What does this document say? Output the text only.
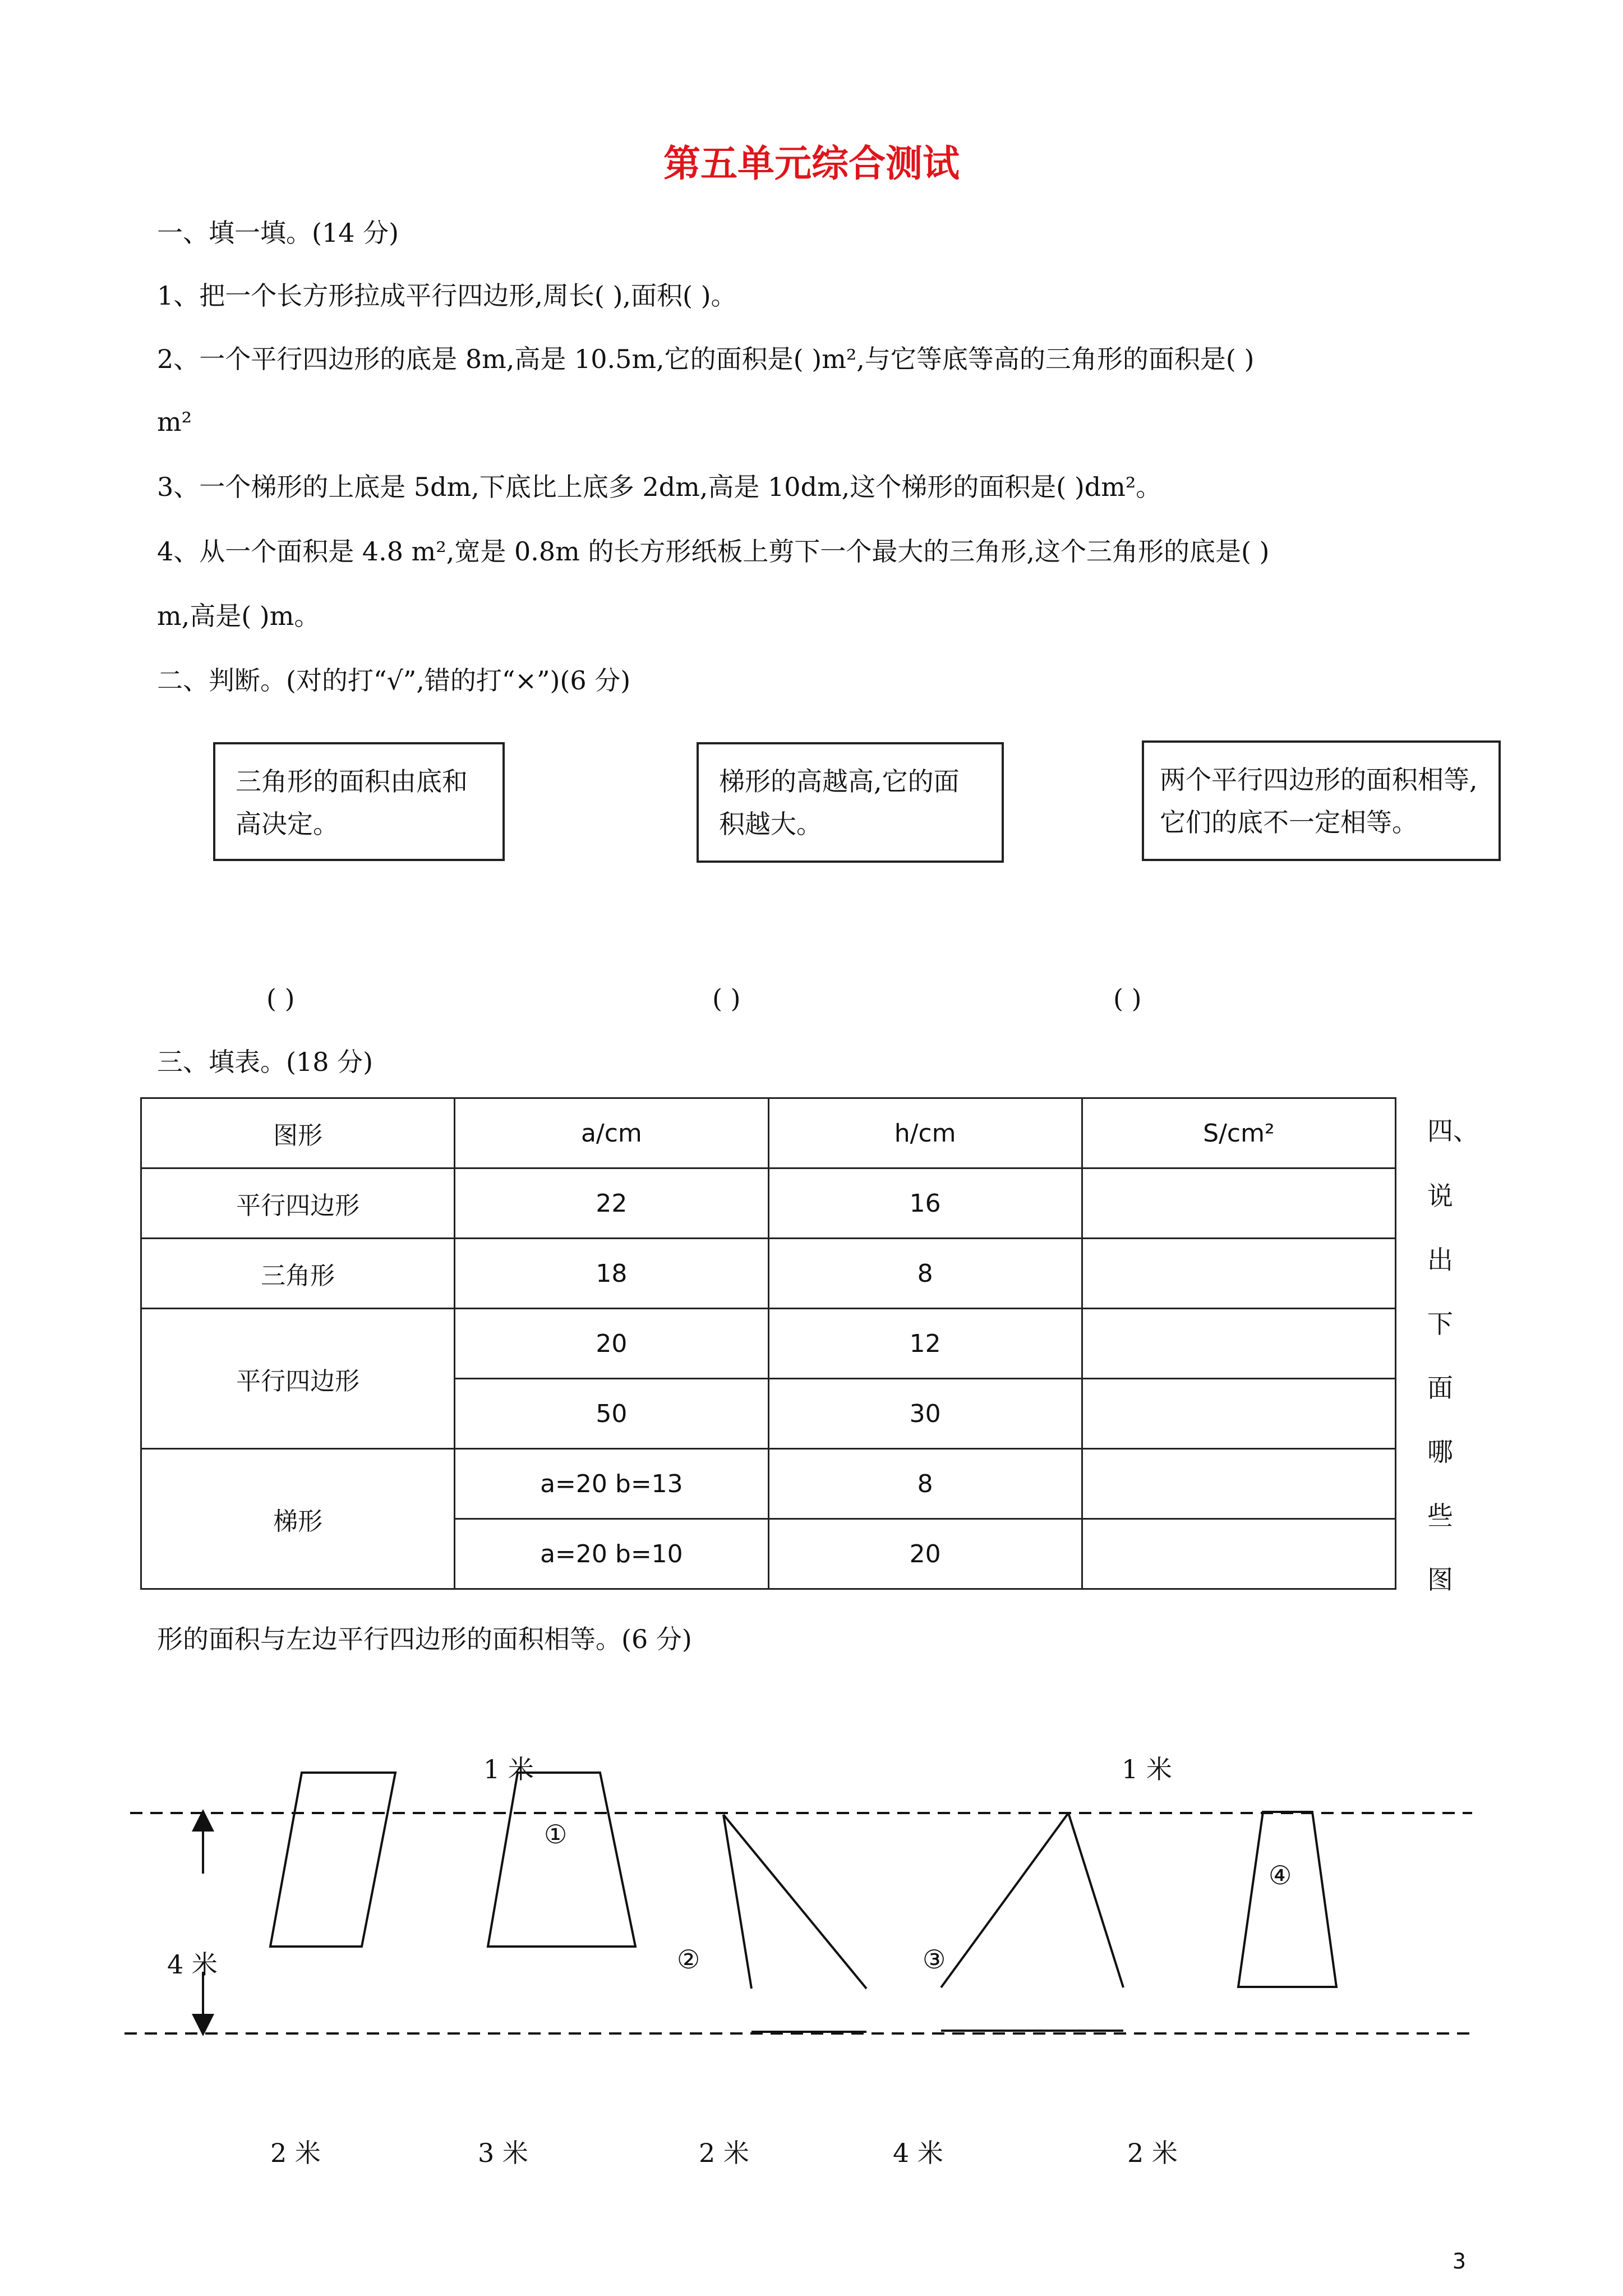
第五单元综合测试
一、填一填。(14 分)
1、把一个长方形拉成平行四边形,周长( ),面积( )。
2、一个平行四边形的底是 8m,高是 10.5m,它的面积是( )m²,与它等底等高的三角形的面积是( )
m²
3、一个梯形的上底是 5dm,下底比上底多 2dm,高是 10dm,这个梯形的面积是( )dm²。
4、从一个面积是 4.8 m²,宽是 0.8m 的长方形纸板上剪下一个最大的三角形,这个三角形的底是( )
m,高是( )m。
二、判断。(对的打“√”,错的打“×”)(6 分)
三角形的面积由底和高决定。
梯形的高越高,它的面积越大。
两个平行四边形的面积相等,它们的底不一定相等。
( )	( )	( )
三、填表。(18 分)
图形	a/cm	h/cm	S/cm²
平行四边形	22	16	
三角形	18	8	
平行四边形	20	12	
	50	30	
梯形	a=20 b=13	8	
	a=20 b=10	20	
四、
说
出
下
面
哪
些
图
形的面积与左边平行四边形的面积相等。(6 分)
1 米	1 米
4 米
①
②	③
④
2 米	3 米	2 米	4 米	2 米
3
